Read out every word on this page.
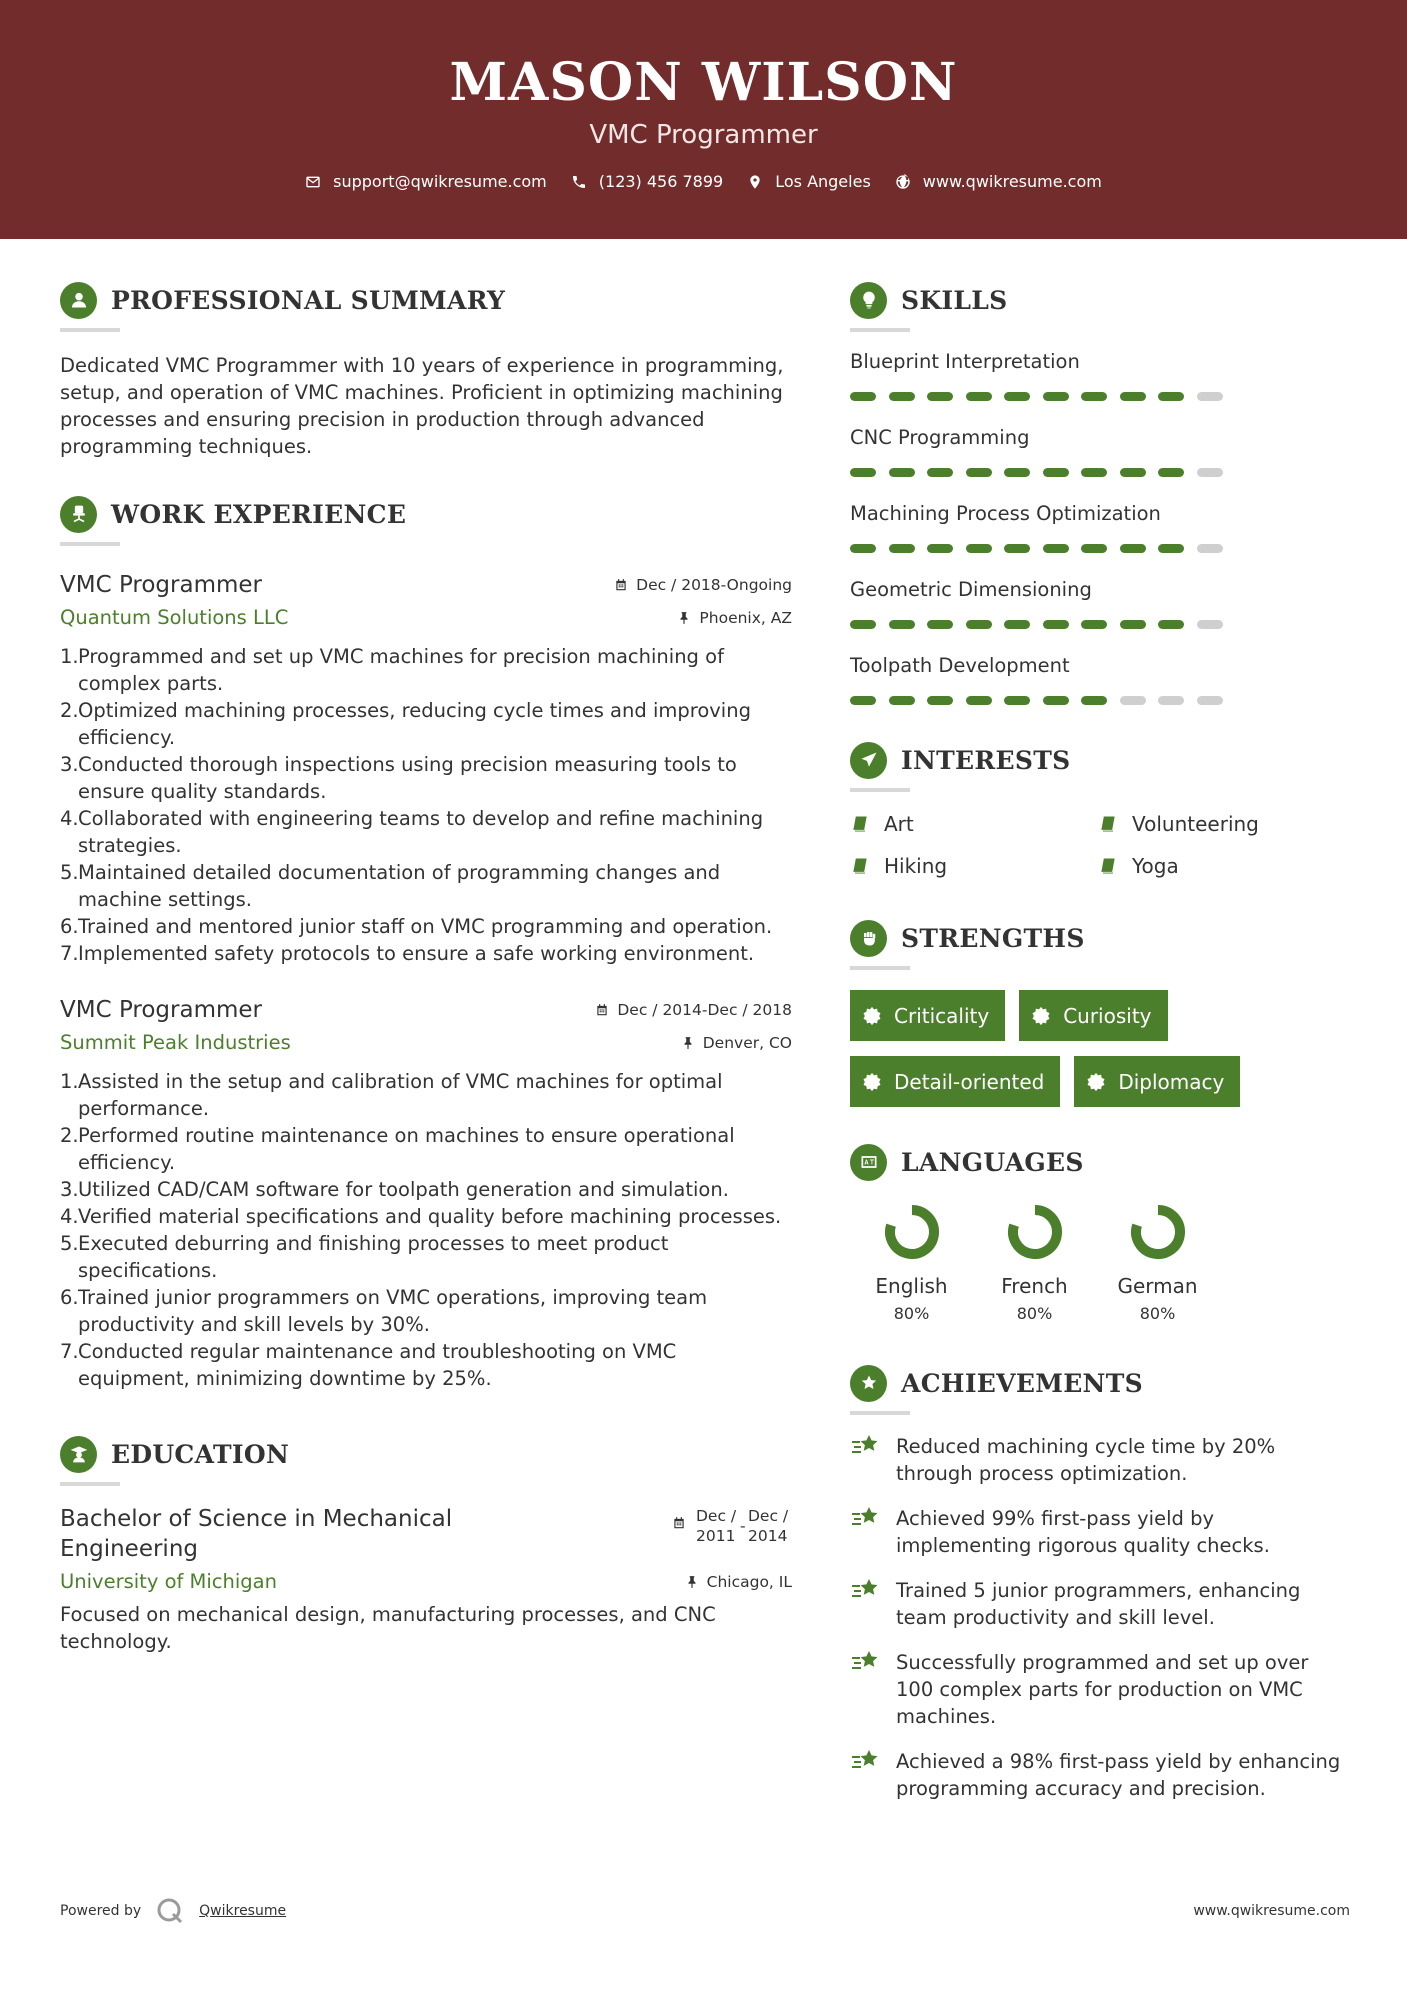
MASON WILSON
VMC Programmer
support@qwikresume.com	(123) 456 7899	Los Angeles	www.qwikresume.com
PROFESSIONAL SUMMARY

Dedicated VMC Programmer with 10 years of experience in programming, setup, and operation of VMC machines. Proficient in optimizing machining processes and ensuring precision in production through advanced programming techniques.

WORK EXPERIENCE
VMC Programmer	Dec / 2018-Ongoing
Quantum Solutions LLC	Phoenix, AZ
1. Programmed and set up VMC machines for precision machining of complex parts.
2. Optimized machining processes, reducing cycle times and improving efficiency.
3. Conducted thorough inspections using precision measuring tools to ensure quality standards.
4. Collaborated with engineering teams to develop and refine machining strategies.
5. Maintained detailed documentation of programming changes and machine settings.
6. Trained and mentored junior staff on VMC programming and operation.
7. Implemented safety protocols to ensure a safe working environment.
VMC Programmer	Dec / 2014-Dec / 2018
Summit Peak Industries	Denver, CO
1. Assisted in the setup and calibration of VMC machines for optimal performance.
2. Performed routine maintenance on machines to ensure operational efficiency.
3. Utilized CAD/CAM software for toolpath generation and simulation.
4. Verified material specifications and quality before machining processes.
5. Executed deburring and finishing processes to meet product specifications.
6. Trained junior programmers on VMC operations, improving team productivity and skill levels by 30%.
7. Conducted regular maintenance and troubleshooting on VMC equipment, minimizing downtime by 25%.
EDUCATION
Bachelor of Science in Mechanical Engineering
Dec / 2011
-
Dec / 2014
University of Michigan	Chicago, IL

Focused on mechanical design, manufacturing processes, and CNC technology.

SKILLS
Blueprint Interpretation
CNC Programming
Machining Process Optimization
Geometric Dimensioning
Toolpath Development
INTERESTS
Art	Volunteering
Hiking	Yoga
STRENGTHS
Criticality	Curiosity
Detail-oriented	Diplomacy
LANGUAGES
English
80%
French
80%
German
80%
ACHIEVEMENTS
Reduced machining cycle time by 20% through process optimization.
Achieved 99% first-pass yield by implementing rigorous quality checks.
Trained 5 junior programmers, enhancing team productivity and skill level.
Successfully programmed and set up over 100 complex parts for production on VMC machines.
Achieved a 98% first-pass yield by enhancing programming accuracy and precision.
Powered by	Qwikresume	www.qwikresume.com
